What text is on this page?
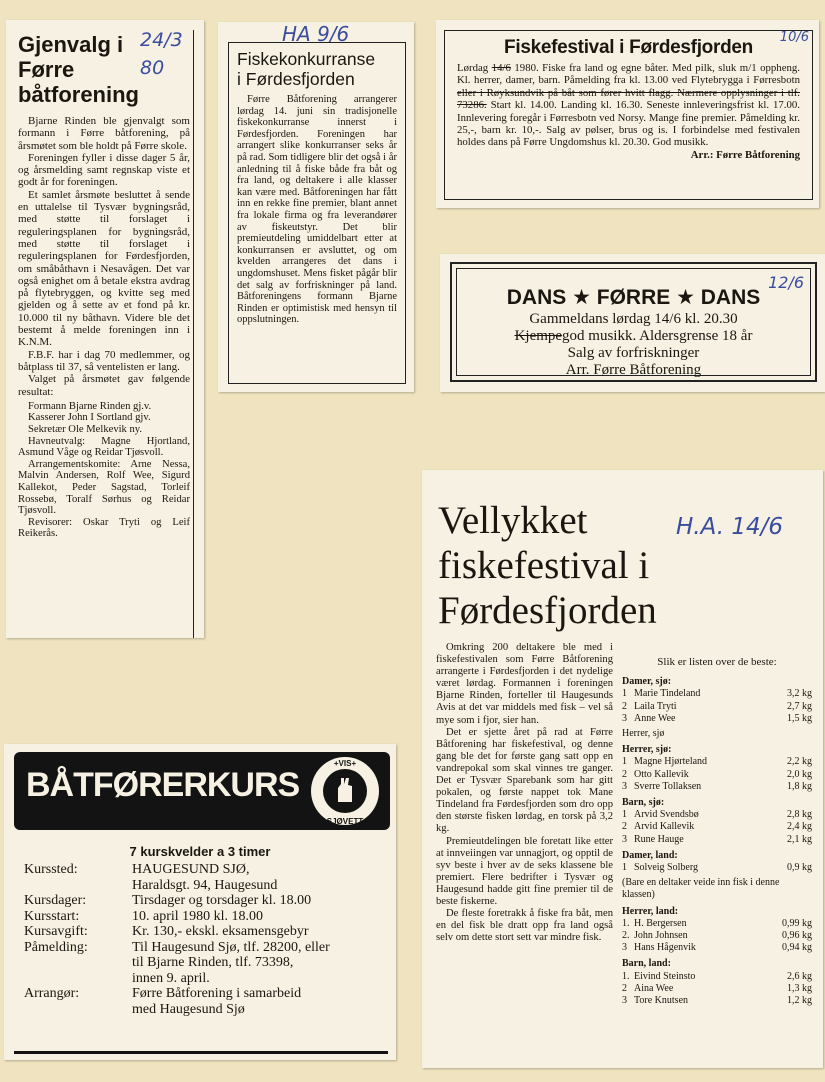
24/3 80
Gjenvalg i
Førre
båtforening

Bjarne Rinden ble gjenvalgt som formann i Førre båtforening, på årsmøtet som ble holdt på Førre skole.

Foreningen fyller i disse dager 5 år, og årsmelding samt regnskap viste et godt år for foreningen.

Et samlet årsmøte besluttet å sende en uttalelse til Tysvær bygningsråd, med støtte til forslaget i reguleringsplanen for bygningsråd, med støtte til forslaget i reguleringsplanen for Førdesfjorden, om småbåthavn i Nesavågen. Det var også enighet om å betale ekstra avdrag på flytebryggen, og kvitte seg med gjelden og å sette av et fond på kr. 10.000 til ny båthavn. Videre ble det bestemt å melde foreningen inn i K.N.M.

F.B.F. har i dag 70 medlemmer, og båtplass til 37, så ventelisten er lang.

Valget på årsmøtet gav følgende resultat:

Formann Bjarne Rinden gj.v.

Kasserer John I Sortland gjv.

Sekretær Ole Melkevik ny.

Havneutvalg: Magne Hjortland, Asmund Våge og Reidar Tjøsvoll.

Arrangementskomite: Arne Nessa, Malvin Andersen, Rolf Wee, Sigurd Kallekot, Peder Sagstad, Torleif Rossebø, Toralf Sørhus og Reidar Tjøsvoll.

Revisorer: Oskar Tryti og Leif Reikerås.

HA 9/6
Fiskekonkurranse
i Førdesfjorden

Førre Båtforening arrangerer lørdag 14. juni sin tradisjonelle fiskekonkurranse innerst i Førdesfjorden. Foreningen har arrangert slike konkurranser seks år på rad. Som tidligere blir det også i år anledning til å fiske både fra båt og fra land, og deltakere i alle klasser kan være med. Båtforeningen har fått inn en rekke fine premier, blant annet fra lokale firma og fra leverandører av fiskeutstyr. Det blir premieutdeling umiddelbart etter at konkurransen er avsluttet, og om kvelden arrangeres det dans i ungdomshuset. Mens fisket pågår blir det salg av forfriskninger på land. Båtforeningens formann Bjarne Rinden er optimistisk med hensyn til oppslutningen.

10/6
Fiskefestival i Førdesfjorden

Lørdag 14/6 1980. Fiske fra land og egne båter. Med pilk, sluk m/1 oppheng. Kl. herrer, damer, barn. Påmelding fra kl. 13.00 ved Flytebrygga i Førresbotn eller i Røyksundvik på båt som fører hvitt flagg. Nærmere opplysninger i tlf. 73286. Start kl. 14.00. Landing kl. 16.30. Seneste innleveringsfrist kl. 17.00. Innlevering foregår i Førresbotn ved Norsy. Mange fine premier. Påmelding kr. 25,-, barn kr. 10,-. Salg av pølser, brus og is. I forbindelse med festivalen holdes dans på Førre Ungdomshus kl. 20.30. God musikk.

Arr.: Førre Båtforening

12/6
DANS ★ FØRRE ★ DANS
Gammeldans lørdag 14/6 kl. 20.30
Kjempegod musikk. Aldersgrense 18 år
Salg av forfriskninger
Arr. Førre Båtforening
H.A. 14/6
Vellykket
fiskefestival i
Førdesfjorden

Omkring 200 deltakere ble med i fiskefestivalen som Førre Båtforening arrangerte i Førdesfjorden i det nydelige været lørdag. Formannen i foreningen Bjarne Rinden, forteller til Haugesunds Avis at det var middels med fisk – vel så mye som i fjor, sier han.

Det er sjette året på rad at Førre Båtforening har fiskefestival, og denne gang ble det for første gang satt opp en vandrepokal som skal vinnes tre ganger. Det er Tysvær Sparebank som har gitt pokalen, og første nappet tok Mane Tindeland fra Førdesfjorden som dro opp den største fisken lørdag, en torsk på 3,2 kg.

Premieutdelingen ble foretatt like etter at innveiingen var unnagjort, og opptil de syv beste i hver av de seks klassene ble premiert. Flere bedrifter i Tysvær og Haugesund hadde gitt fine premier til de beste fiskerne.

De fleste foretrakk å fiske fra båt, men en del fisk ble dratt opp fra land også selv om dette stort sett var mindre fisk.

Slik er listen over de beste:
Damer, sjø:
1 Marie Tindeland	3,2 kg
2 Laila Tryti	2,7 kg
3 Anne Wee	1,5 kg
Herrer, sjø
Herrer, sjø:
1 Magne Hjørteland	2,2 kg
2 Otto Kallevik	2,0 kg
3 Sverre Tollaksen	1,8 kg
Barn, sjø:
1 Arvid Svendsbø	2,8 kg
2 Arvid Kallevik	2,4 kg
3 Rune Hauge	2,1 kg
Damer, land:
1 Solveig Solberg	0,9 kg
(Bare en deltaker veide inn fisk i denne klassen)
Herrer, land:
1. H. Bergersen	0,99 kg
2. John Johnsen	0,96 kg
3 Hans Hågenvik	0,94 kg
Barn, land:
1. Eivind Steinsto	2,6 kg
2 Aina Wee	1,3 kg
3 Tore Knutsen	1,2 kg
BÅTFØRERKURS
+VIS+
SJØVETT
7 kurskvelder a 3 timer
Kurssted:	HAUGESUND SJØ,
Haraldsgt. 94, Haugesund

Kursdager:	Tirsdager og torsdager kl. 18.00

Kursstart:	10. april 1980 kl. 18.00

Kursavgift:	Kr. 130,- ekskl. eksamensgebyr

Påmelding:	Til Haugesund Sjø, tlf. 28200, eller
til Bjarne Rinden, tlf. 73398,
innen 9. april.

Arrangør:	Førre Båtforening i samarbeid
med Haugesund Sjø
